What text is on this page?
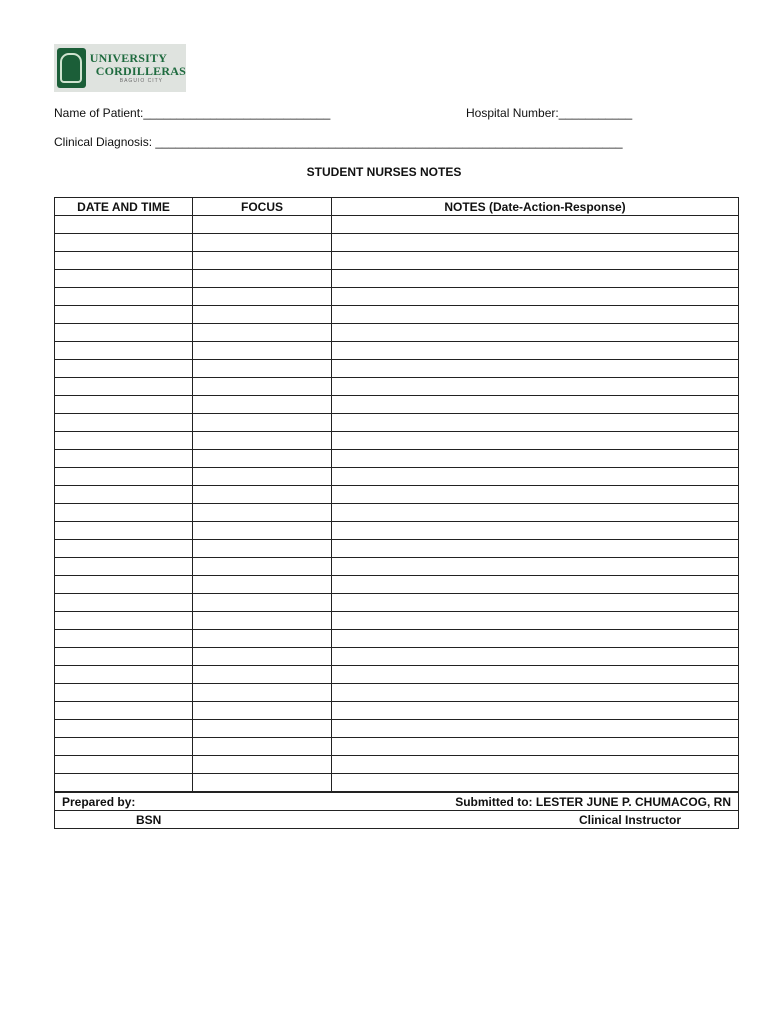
UNIVERSITY
CORDILLERAS
BAGUIO CITY
Name of Patient:____________________________	Hospital Number:___________
Clinical Diagnosis: ______________________________________________________________________
STUDENT NURSES NOTES
DATE AND TIME	FOCUS	NOTES (Date-Action-Response)

Prepared by:	Submitted to: LESTER JUNE P. CHUMACOG, RN

BSN	Clinical Instructor
